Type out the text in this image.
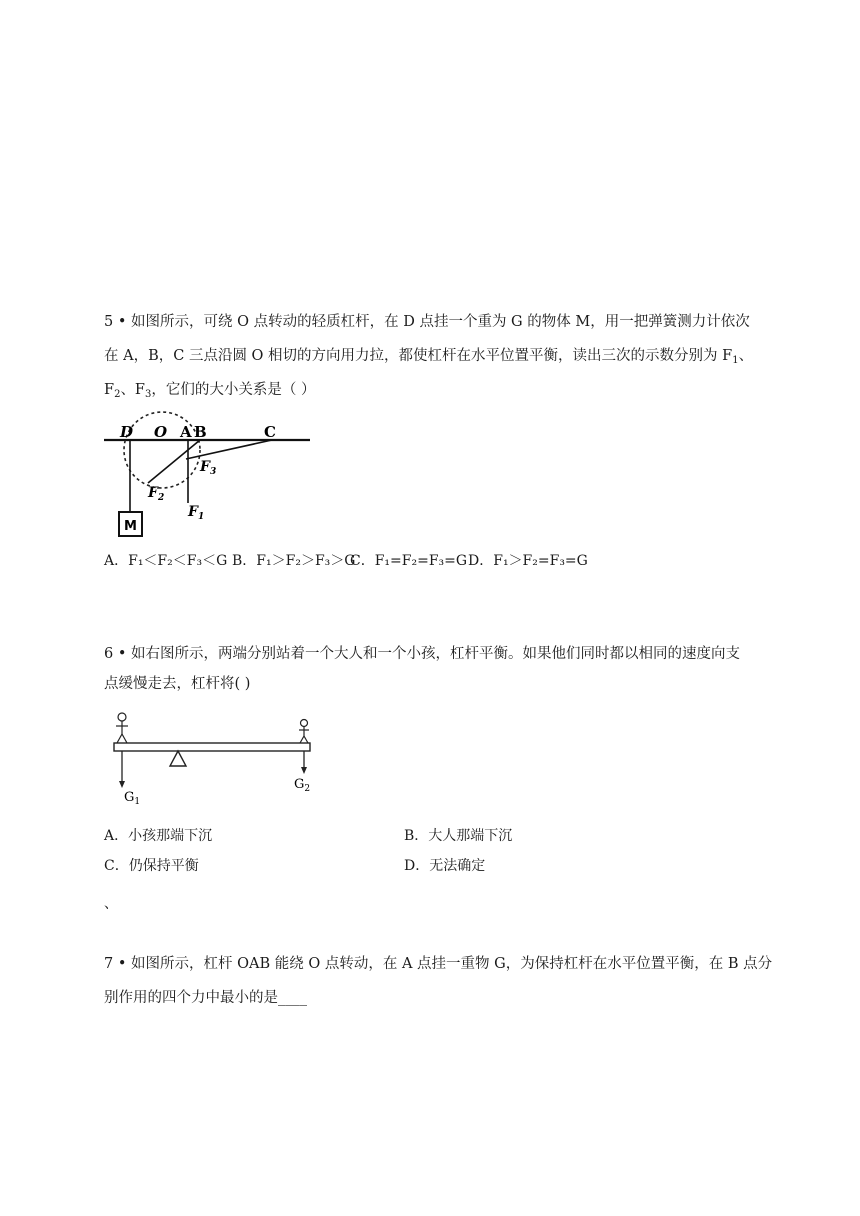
5 • 如图所示，可绕 O 点转动的轻质杠杆，在 D 点挂一个重为 G 的物体 M，用一把弹簧测力计依次
在 A，B，C 三点沿圆 O 相切的方向用力拉，都使杠杆在水平位置平衡，读出三次的示数分别为 $F_1$、
$F_2$、$F_3$，它们的大小关系是（ ）
M
D O A B	C
$F_2$
$F_3$
$F_1$
A．F₁＜F₂＜F₃＜G B．F₁＞F₂＞F₃＞G
C．F₁=F₂=F₃=G D．F₁＞F₂=F₃=G
6 • 如右图所示，两端分别站着一个大人和一个小孩，杠杆平衡。如果他们同时都以相同的速度向支
点缓慢走去，杠杆将( )
$G_1$
$G_2$
A．小孩那端下沉	B．大人那端下沉
C．仍保持平衡	D．无法确定
、
7 • 如图所示，杠杆 OAB 能绕 O 点转动，在 A 点挂一重物 G，为保持杠杆在水平位置平衡，在 B 点分
别作用的四个力中最小的是____
